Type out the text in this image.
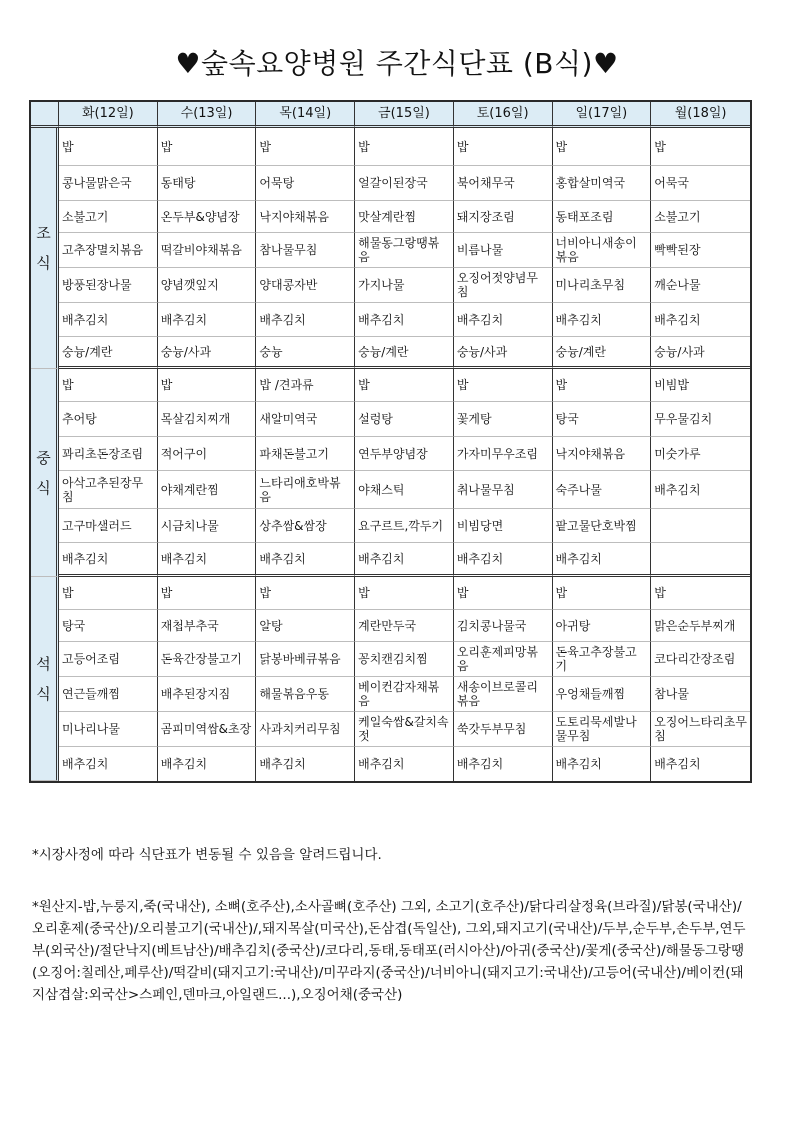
♥숲속요양병원 주간식단표 (B식)♥
	화(12일)	수(13일)	목(14일)	금(15일)	토(16일)	일(17일)	월(18일)
조
식	밥	밥	밥	밥	밥	밥	밥
	콩나물맑은국	동태탕	어묵탕	얼갈이된장국	북어채무국	홍합살미역국	어묵국
	소불고기	온두부&양념장	낙지야채볶음	맛살계란찜	돼지장조림	동태포조림	소불고기
	고추장멸치볶음	떡갈비야채볶음	참나물무침	해물동그랑땡볶음	비름나물	너비아니새송이볶음	빡빡된장
	방풍된장나물	양념깻잎지	양대콩자반	가지나물	오징어젓양념무침	미나리초무침	깨순나물
	배추김치	배추김치	배추김치	배추김치	배추김치	배추김치	배추김치
	숭늉/계란	숭늉/사과	숭늉	숭늉/계란	숭늉/사과	숭늉/계란	숭늉/사과
중
식	밥	밥	밥 /견과류	밥	밥	밥	비빔밥
	추어탕	목살김치찌개	새알미역국	설렁탕	꽃게탕	탕국	무우물김치
	꽈리초돈장조림	적어구이	파채돈불고기	연두부양념장	가자미무우조림	낙지야채볶음	미숫가루
	아삭고추된장무침	야채계란찜	느타리애호박볶음	야채스틱	취나물무침	숙주나물	배추김치
	고구마샐러드	시금치나물	상추쌈&쌈장	요구르트,깍두기	비빔당면	팥고물단호박찜	
	배추김치	배추김치	배추김치	배추김치	배추김치	배추김치	
석
식	밥	밥	밥	밥	밥	밥	밥
	탕국	재첩부추국	알탕	계란만두국	김치콩나물국	아귀탕	맑은순두부찌개
	고등어조림	돈육간장불고기	닭봉바베큐볶음	꽁치캔김치찜	오리훈제피망볶음	돈육고추장불고기	코다리간장조림
	연근들깨찜	배추된장지짐	해물볶음우동	베이컨감자채볶음	새송이브로콜리볶음	우엉채들깨찜	참나물
	미나리나물	곰피미역쌈&초장	사과치커리무침	케일숙쌈&갈치속젓	쑥갓두부무침	도토리묵세발나물무침	오징어느타리초무침
	배추김치	배추김치	배추김치	배추김치	배추김치	배추김치	배추김치
*시장사정에 따라 식단표가 변동될 수 있음을 알려드립니다.
*원산지-밥,누룽지,죽(국내산), 소뼈(호주산),소사골뼈(호주산) 그외, 소고기(호주산)/닭다리살정육(브라질)/닭봉(국내산)/오리훈제(중국산)/오리불고기(국내산)/,돼지목살(미국산),돈삼겹(독일산), 그외,돼지고기(국내산)/두부,순두부,손두부,연두부(외국산)/절단낙지(베트남산)/배추김치(중국산)/코다리,동태,동태포(러시아산)/아귀(중국산)/꽃게(중국산)/해물동그랑땡(오징어:칠레산,페루산)/떡갈비(돼지고기:국내산)/미꾸라지(중국산)/너비아니(돼지고기:국내산)/고등어(국내산)/베이컨(돼지삼겹살:외국산>스페인,덴마크,아일랜드...),오징어채(중국산)
